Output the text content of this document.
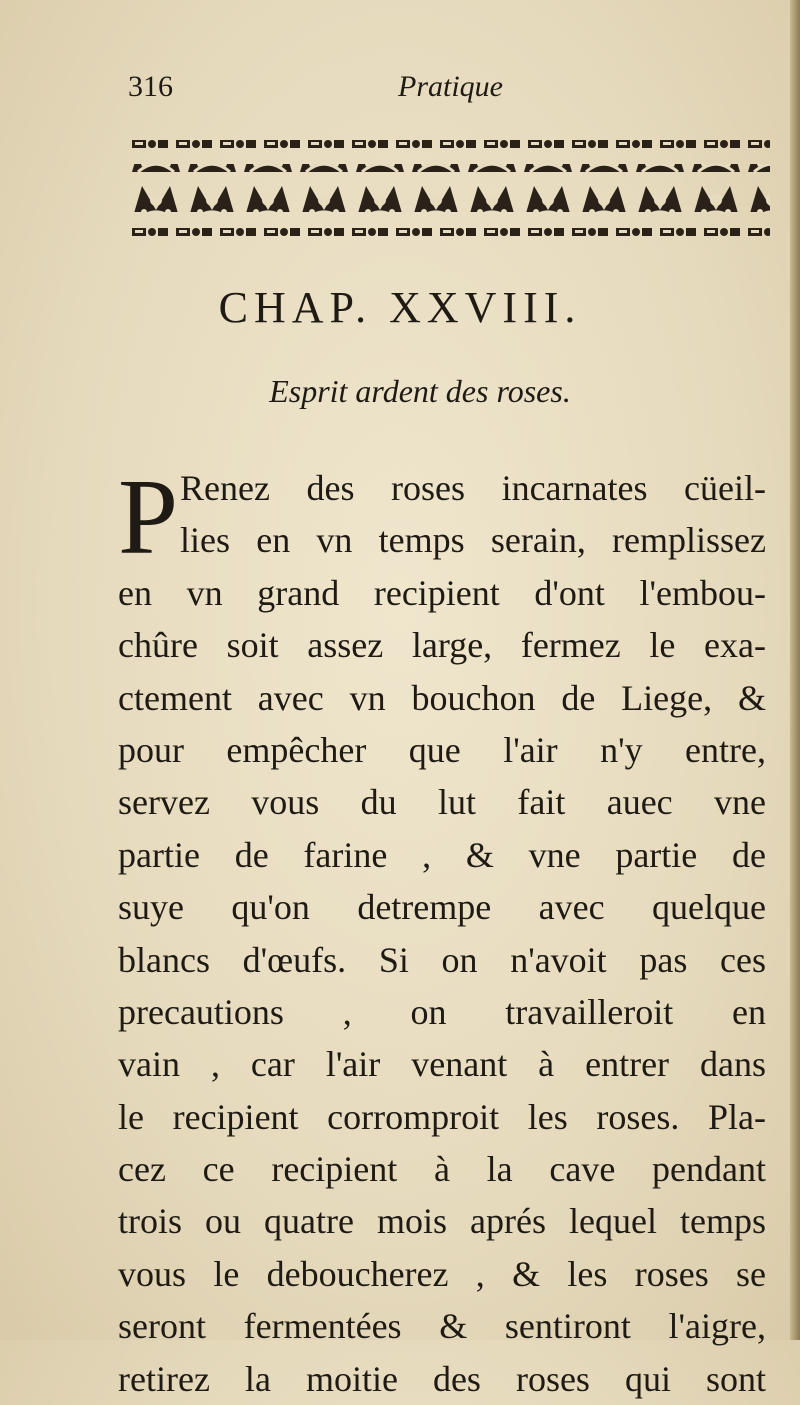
316	Pratique
CHAP. XXVIII.
Esprit ardent des roses.
P Renez des roses incarnates cüeil-
lies en vn temps serain, remplissez
en vn grand recipient d'ont l'embou-
chûre soit assez large, fermez le exa-
ctement avec vn bouchon de Liege, &
pour empêcher que l'air n'y entre,
servez vous du lut fait auec vne
partie de farine , & vne partie de
suye qu'on detrempe avec quelque
blancs d'œufs. Si on n'avoit pas ces
precautions , on travailleroit en
vain , car l'air venant à entrer dans
le recipient corromproit les roses. Pla-
cez ce recipient à la cave pendant
trois ou quatre mois aprés lequel temps
vous le deboucherez , & les roses se
seront fermentées & sentiront l'aigre,
retirez la moitie des roses qui sont
